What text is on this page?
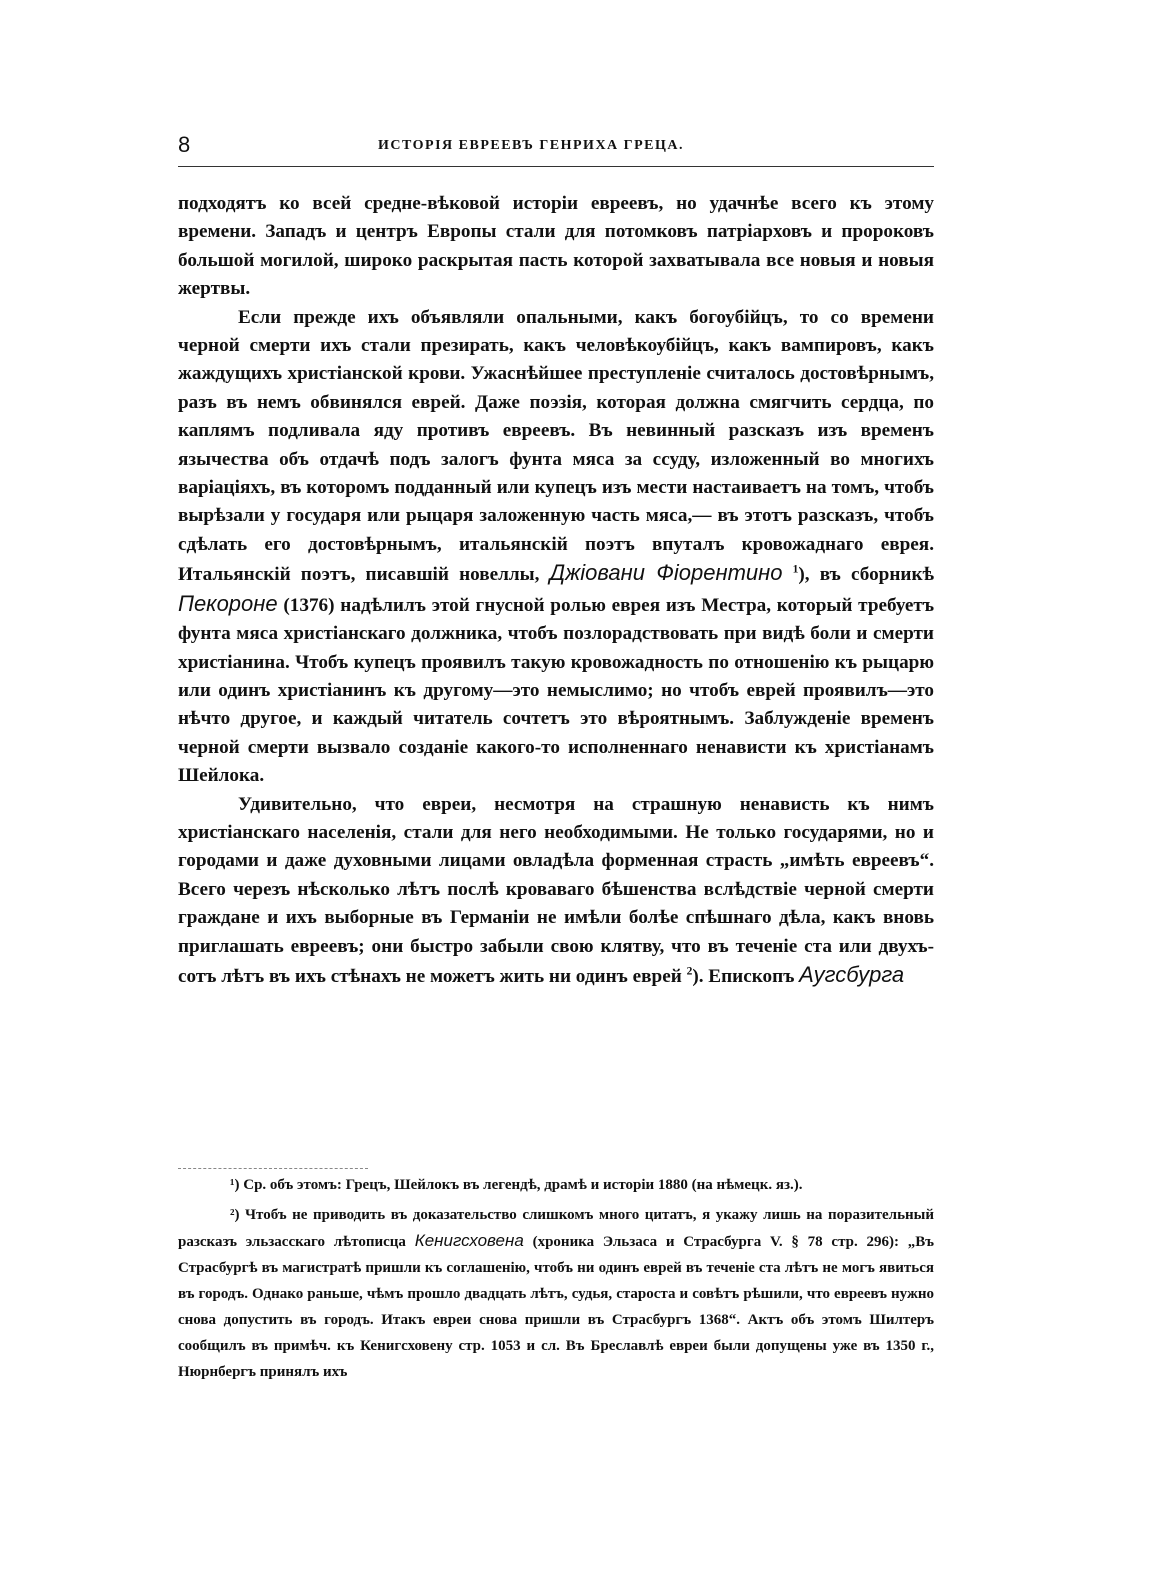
8	ИСТОРІЯ ЕВРЕЕВЪ ГЕНРИХА ГРЕЦА.

подходятъ ко всей средне-вѣковой исторіи евреевъ, но удачнѣе всего къ этому времени. Западъ и центръ Европы стали для потомковъ патріарховъ и пророковъ большой могилой, широко раскрытая пасть которой захватывала все новыя и новыя жертвы.

Если прежде ихъ объявляли опальными, какъ богоубійцъ, то со времени черной смерти ихъ стали презирать, какъ человѣкоубійцъ, какъ вампировъ, какъ жаждущихъ христіанской крови. Ужаснѣйшее преступленіе считалось достовѣрнымъ, разъ въ немъ обвинялся еврей. Даже поэзія, которая должна смягчить сердца, по каплямъ подливала яду противъ евреевъ. Въ невинный разсказъ изъ временъ язычества объ отдачѣ подъ залогъ фунта мяса за ссуду, изложенный во многихъ варіаціяхъ, въ которомъ подданный или купецъ изъ мести настаиваетъ на томъ, чтобъ вырѣзали у государя или рыцаря заложенную часть мяса,— въ этотъ разсказъ, чтобъ сдѣлать его достовѣрнымъ, итальянскій поэтъ впуталъ кровожаднаго еврея. Итальянскій поэтъ, писавшій новеллы, Джіовани Фіорентино $^1$), въ сборникѣ Пекороне (1376) надѣлилъ этой гнусной ролью еврея изъ Местра, который требуетъ фунта мяса христіанскаго должника, чтобъ позлорадствовать при видѣ боли и смерти христіанина. Чтобъ купецъ проявилъ такую кровожадность по отношенію къ рыцарю или одинъ христіанинъ къ другому—это немыслимо; но чтобъ еврей проявилъ—это нѣчто другое, и каждый читатель сочтетъ это вѣроятнымъ. Заблужденіе временъ черной смерти вызвало созданіе какого-то исполненнаго ненависти къ христіанамъ Шейлока.

Удивительно, что евреи, несмотря на страшную ненависть къ нимъ христіанскаго населенія, стали для него необходимыми. Не только государями, но и городами и даже духовными лицами овладѣла форменная страсть „имѣть евреевъ“. Всего черезъ нѣсколько лѣтъ послѣ кроваваго бѣшенства вслѣдствіе черной смерти граждане и ихъ выборные въ Германіи не имѣли болѣе спѣшнаго дѣла, какъ вновь приглашать евреевъ; они быстро забыли свою клятву, что въ теченіе ста или двухъ-сотъ лѣтъ въ ихъ стѣнахъ не можетъ жить ни одинъ еврей $^2$). Епископъ Аугсбурга

¹) Ср. объ этомъ: Грецъ, Шейлокъ въ легендѣ, драмѣ и исторіи 1880 (на нѣмецк. яз.).

²) Чтобъ не приводить въ доказательство слишкомъ много цитатъ, я укажу лишь на поразительный разсказъ эльзасскаго лѣтописца Кенигсховена (хроника Эльзаса и Страсбурга V. § 78 стр. 296): „Въ Страсбургѣ въ магистратѣ пришли къ соглашенію, чтобъ ни одинъ еврей въ теченіе ста лѣтъ не могъ явиться въ городъ. Однако раньше, чѣмъ прошло двадцать лѣтъ, судья, староста и совѣтъ рѣшили, что евреевъ нужно снова допустить въ городъ. Итакъ евреи снова пришли въ Страсбургъ 1368“. Актъ объ этомъ Шилтеръ сообщилъ въ примѣч. къ Кенигсховену стр. 1053 и сл. Въ Бреславлѣ евреи были допущены уже въ 1350 г., Нюрнбергъ принялъ ихъ
